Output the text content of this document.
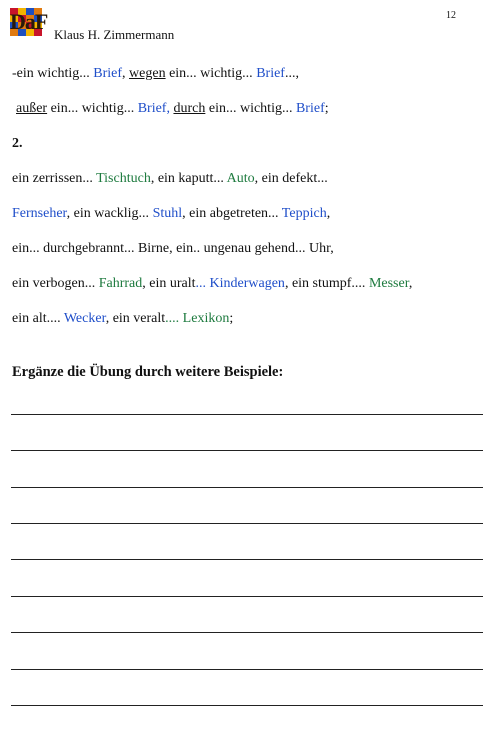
DaF
Klaus H. Zimmermann
12
-ein wichtig... Brief, wegen ein... wichtig... Brief...,
außer ein... wichtig... Brief, durch ein... wichtig... Brief;
2.
ein zerrissen... Tischtuch, ein kaputt... Auto, ein defekt...
Fernseher, ein wacklig... Stuhl, ein abgetreten... Teppich,
ein... durchgebrannt... Birne, ein.. ungenau gehend... Uhr,
ein verbogen... Fahrrad, ein uralt... Kinderwagen, ein stumpf.... Messer,
ein alt.... Wecker, ein veralt.... Lexikon;
Ergänze die Übung durch weitere Beispiele:
